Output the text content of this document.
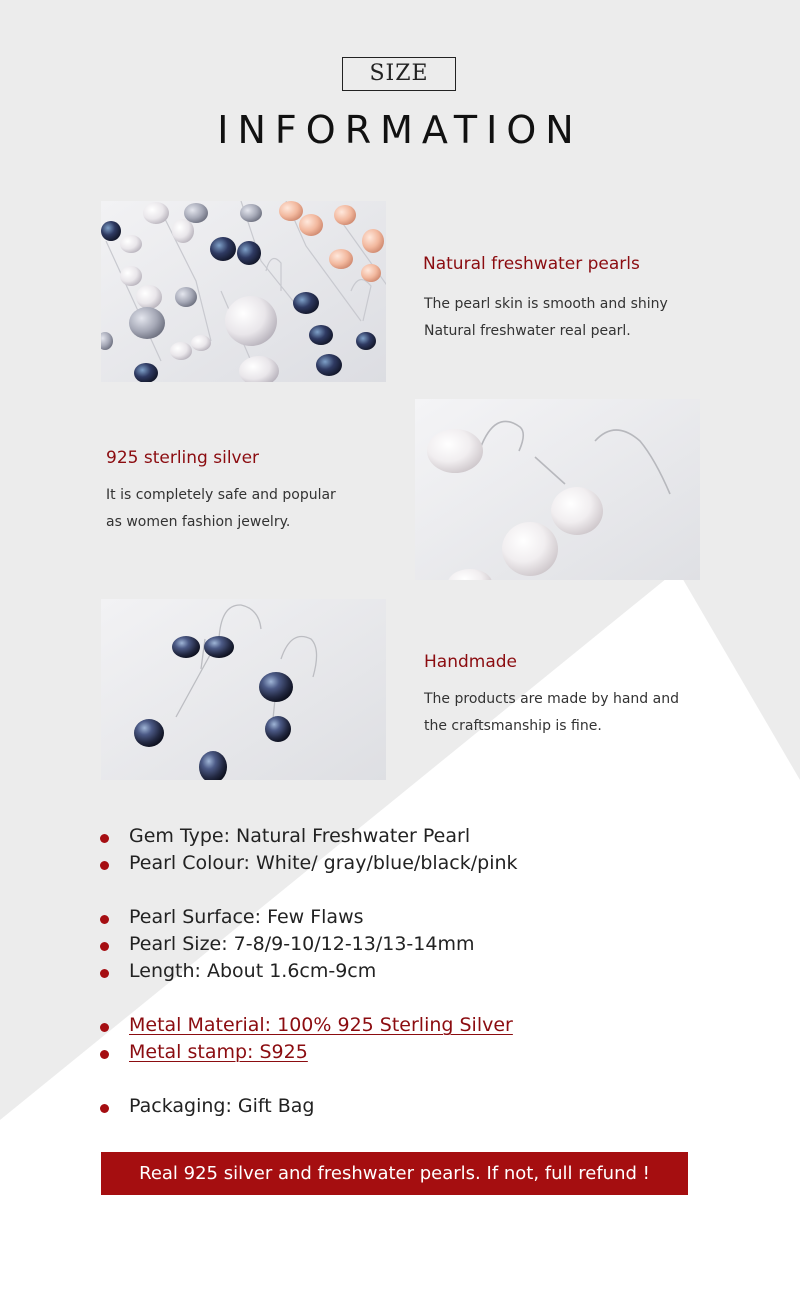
SIZE
INFORMATION
Natural freshwater pearls
The pearl skin is smooth and shiny
Natural freshwater real pearl.
925 sterling silver
It is completely safe and popular
as women fashion jewelry.
Handmade
The products are made by hand and
the craftsmanship is fine.
Gem Type: Natural Freshwater Pearl
Pearl Colour: White/ gray/blue/black/pink
Pearl Surface: Few Flaws
Pearl Size: 7-8/9-10/12-13/13-14mm
Length: About 1.6cm-9cm
Metal Material: 100% 925 Sterling Silver
Metal stamp: S925
Packaging: Gift Bag
Real 925 silver and freshwater pearls. If not, full refund !
